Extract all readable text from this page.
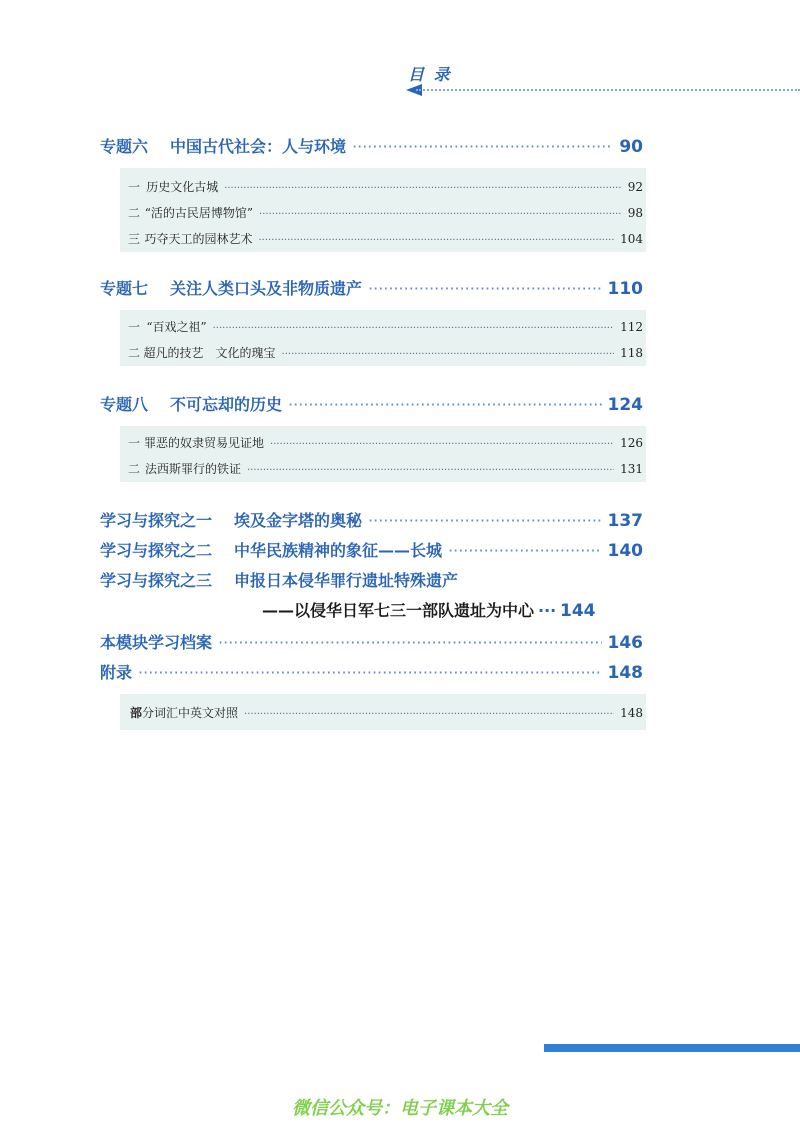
目 录
专题六 中国古代社会：人与环境 ·····	90
一 历史文化古城 ·····	92
二 “活的古民居博物馆” ·····	98
三 巧夺天工的园林艺术 ·····	104
专题七 关注人类口头及非物质遗产 ·····	110
一 “百戏之祖” ·····	112
二 超凡的技艺　文化的瑰宝 ·····	118
专题八 不可忘却的历史 ·····	124
一 罪恶的奴隶贸易见证地 ·····	126
二 法西斯罪行的铁证 ·····	131
学习与探究之一 埃及金字塔的奥秘 ·····	137
学习与探究之二 中华民族精神的象征——长城 ·····	140
学习与探究之三 申报日本侵华罪行遗址特殊遗产
——以侵华日军七三一部队遗址为中心 ····· 144
本模块学习档案 ·····	146
附录 ·····	148
部分词汇中英文对照 ·····	148
微信公众号：电子课本大全
